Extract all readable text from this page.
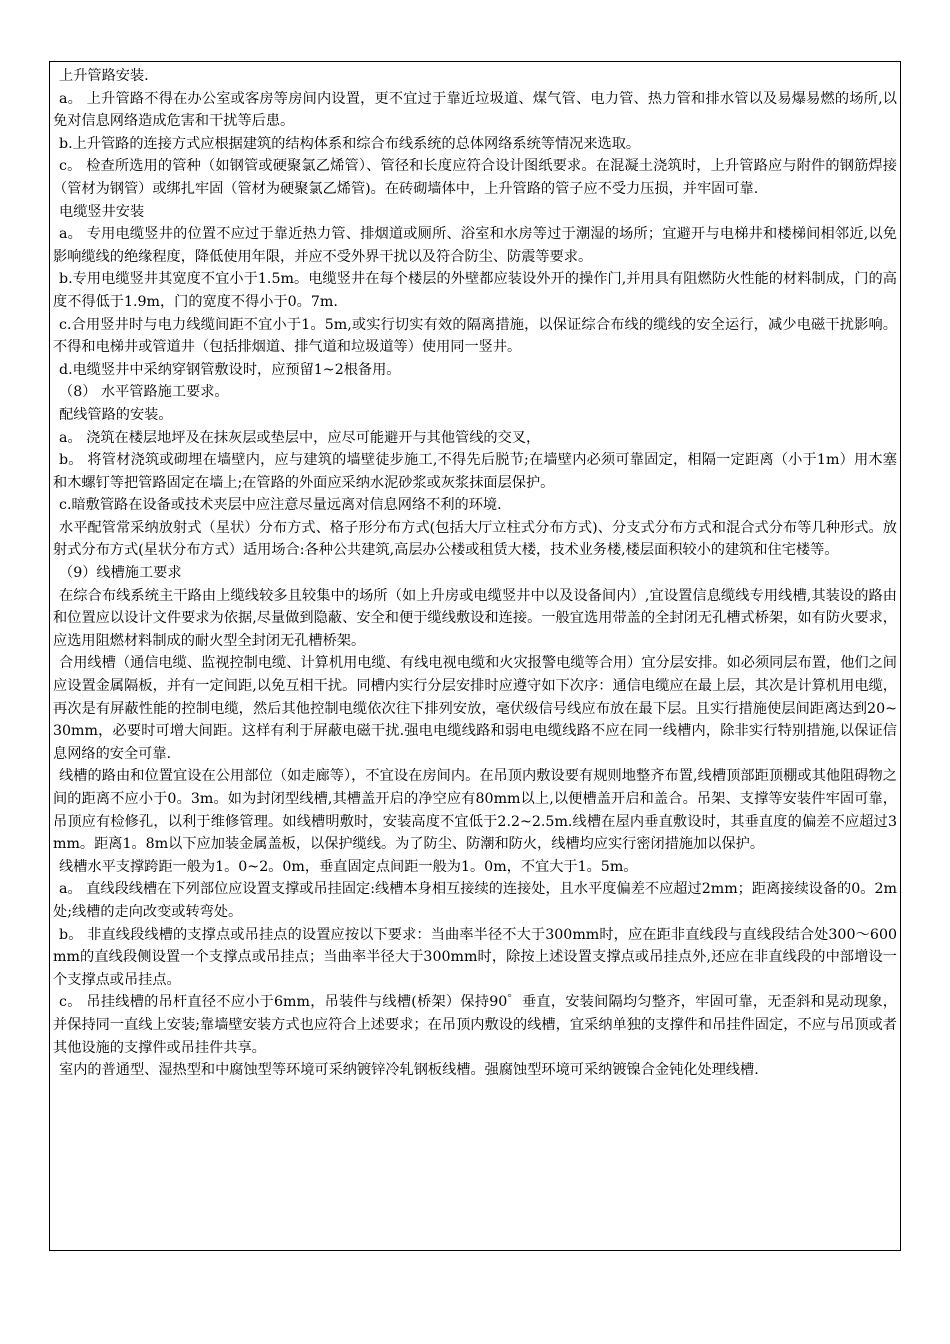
上升管路安装.

a。 上升管路不得在办公室或客房等房间内设置，更不宜过于靠近垃圾道、煤气管、电力管、热力管和排水管以及易爆易燃的场所,以免对信息网络造成危害和干扰等后患。

b.上升管路的连接方式应根据建筑的结构体系和综合布线系统的总体网络系统等情况来选取。

c。 检查所选用的管种（如钢管或硬聚氯乙烯管）、管径和长度应符合设计图纸要求。在混凝土浇筑时，上升管路应与附件的钢筋焊接（管材为钢管）或绑扎牢固（管材为硬聚氯乙烯管)。在砖砌墙体中，上升管路的管子应不受力压损，并牢固可靠.

电缆竖井安装

a。 专用电缆竖井的位置不应过于靠近热力管、排烟道或厕所、浴室和水房等过于潮湿的场所；宜避开与电梯井和楼梯间相邻近,以免影响缆线的绝缘程度，降低使用年限，并应不受外界干扰以及符合防尘、防震等要求。

b.专用电缆竖井其宽度不宜小于1.5m。电缆竖井在每个楼层的外壁都应装设外开的操作门,并用具有阻燃防火性能的材料制成，门的高度不得低于1.9m，门的宽度不得小于0。7m.

c.合用竖井时与电力线缆间距不宜小于1。5m,或实行切实有效的隔离措施，以保证综合布线的缆线的安全运行，减少电磁干扰影响。不得和电梯井或管道井（包括排烟道、排气道和垃圾道等）使用同一竖井。

d.电缆竖井中采纳穿钢管敷设时，应预留1~2根备用。

（8） 水平管路施工要求。

配线管路的安装。

a。 浇筑在楼层地坪及在抹灰层或垫层中，应尽可能避开与其他管线的交叉，

b。 将管材浇筑或砌埋在墙壁内，应与建筑的墙壁徒步施工,不得先后脱节;在墙壁内必须可靠固定，相隔一定距离（小于1m）用木塞和木螺钉等把管路固定在墙上;在管路的外面应采纳水泥砂浆或灰浆抹面层保护。

c.暗敷管路在设备或技术夹层中应注意尽量远离对信息网络不利的环境.

水平配管常采纳放射式（星状）分布方式、格子形分布方式(包括大厅立柱式分布方式)、分支式分布方式和混合式分布等几种形式。放射式分布方式(星状分布方式）适用场合:各种公共建筑,高层办公楼或租赁大楼，技术业务楼,楼层面积较小的建筑和住宅楼等。

（9）线槽施工要求

在综合布线系统主干路由上缆线较多且较集中的场所（如上升房或电缆竖井中以及设备间内）,宜设置信息缆线专用线槽,其装设的路由和位置应以设计文件要求为依据,尽量做到隐蔽、安全和便于缆线敷设和连接。一般宜选用带盖的全封闭无孔槽式桥架，如有防火要求，应选用阻燃材料制成的耐火型全封闭无孔槽桥架。

合用线槽（通信电缆、监视控制电缆、计算机用电缆、有线电视电缆和火灾报警电缆等合用）宜分层安排。如必须同层布置，他们之间应设置金属隔板，并有一定间距,以免互相干扰。同槽内实行分层安排时应遵守如下次序：通信电缆应在最上层，其次是计算机用电缆，再次是有屏蔽性能的控制电缆，然后其他控制电缆依次往下排列安放，毫伏级信号线应布放在最下层。且实行措施使层间距离达到20~30mm，必要时可增大间距。这样有利于屏蔽电磁干扰.强电电缆线路和弱电电缆线路不应在同一线槽内，除非实行特别措施,以保证信息网络的安全可靠.

线槽的路由和位置宜设在公用部位（如走廊等），不宜设在房间内。在吊顶内敷设要有规则地整齐布置,线槽顶部距顶棚或其他阻碍物之间的距离不应小于0。3m。如为封闭型线槽,其槽盖开启的净空应有80mm以上,以便槽盖开启和盖合。吊架、支撑等安装件牢固可靠，吊顶应有检修孔，以利于维修管理。如线槽明敷时，安装高度不宜低于2.2~2.5m.线槽在屋内垂直敷设时，其垂直度的偏差不应超过3mm。距离1。8m以下应加装金属盖板，以保护缆线。为了防尘、防潮和防火，线槽均应实行密闭措施加以保护。

线槽水平支撑跨距一般为1。0~2。0m，垂直固定点间距一般为1。0m，不宜大于1。5m。

a。 直线段线槽在下列部位应设置支撑或吊挂固定:线槽本身相互接续的连接处，且水平度偏差不应超过2mm；距离接续设备的0。2m处;线槽的走向改变或转弯处。

b。 非直线段线槽的支撑点或吊挂点的设置应按以下要求：当曲率半径不大于300mm时，应在距非直线段与直线段结合处300～600mm的直线段侧设置一个支撑点或吊挂点；当曲率半径大于300mm时，除按上述设置支撑点或吊挂点外,还应在非直线段的中部增设一个支撑点或吊挂点。

c。 吊挂线槽的吊杆直径不应小于6mm，吊装件与线槽(桥架）保持90゜垂直，安装间隔均匀整齐，牢固可靠，无歪斜和晃动现象，并保持同一直线上安装;靠墙壁安装方式也应符合上述要求；在吊顶内敷设的线槽，宜采纳单独的支撑件和吊挂件固定，不应与吊顶或者其他设施的支撑件或吊挂件共享。

室内的普通型、湿热型和中腐蚀型等环境可采纳镀锌冷轧钢板线槽。强腐蚀型环境可采纳镀镍合金钝化处理线槽.
